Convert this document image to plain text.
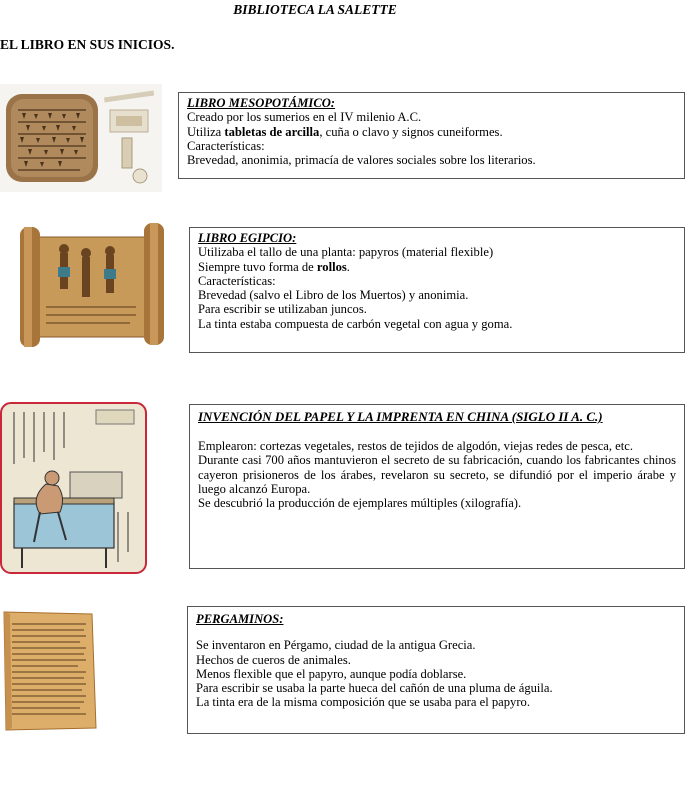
BIBLIOTECA LA SALETTE
EL LIBRO EN SUS INICIOS.
LIBRO MESOPOTÁMICO:
Creado por los sumerios en el IV milenio A.C.
Utiliza tabletas de arcilla, cuña o clavo y signos cuneiformes.
Características:
Brevedad, anonimia, primacía de valores sociales sobre los literarios.
LIBRO EGIPCIO:
Utilizaba el tallo de una planta: papyros (material flexible)
Siempre tuvo forma de rollos.
Características:
Brevedad (salvo el Libro de los Muertos) y anonimia.
Para escribir se utilizaban juncos.
La tinta estaba compuesta de carbón vegetal con agua y goma.
INVENCIÓN DEL PAPEL Y LA IMPRENTA EN CHINA (SIGLO II A. C.)
Emplearon: cortezas vegetales, restos de tejidos de algodón, viejas redes de pesca, etc.
Durante casi 700 años mantuvieron el secreto de su fabricación, cuando los fabricantes chinos cayeron prisioneros de los árabes, revelaron su secreto, se difundió por el imperio árabe y luego alcanzó Europa.
Se descubrió la producción de ejemplares múltiples (xilografía).
PERGAMINOS:
Se inventaron en Pérgamo, ciudad de la antigua Grecia.
Hechos de cueros de animales.
Menos flexible que el papyro, aunque podía doblarse.
Para escribir se usaba la parte hueca del cañón de una pluma de águila.
La tinta era de la misma composición que se usaba para el papyro.
